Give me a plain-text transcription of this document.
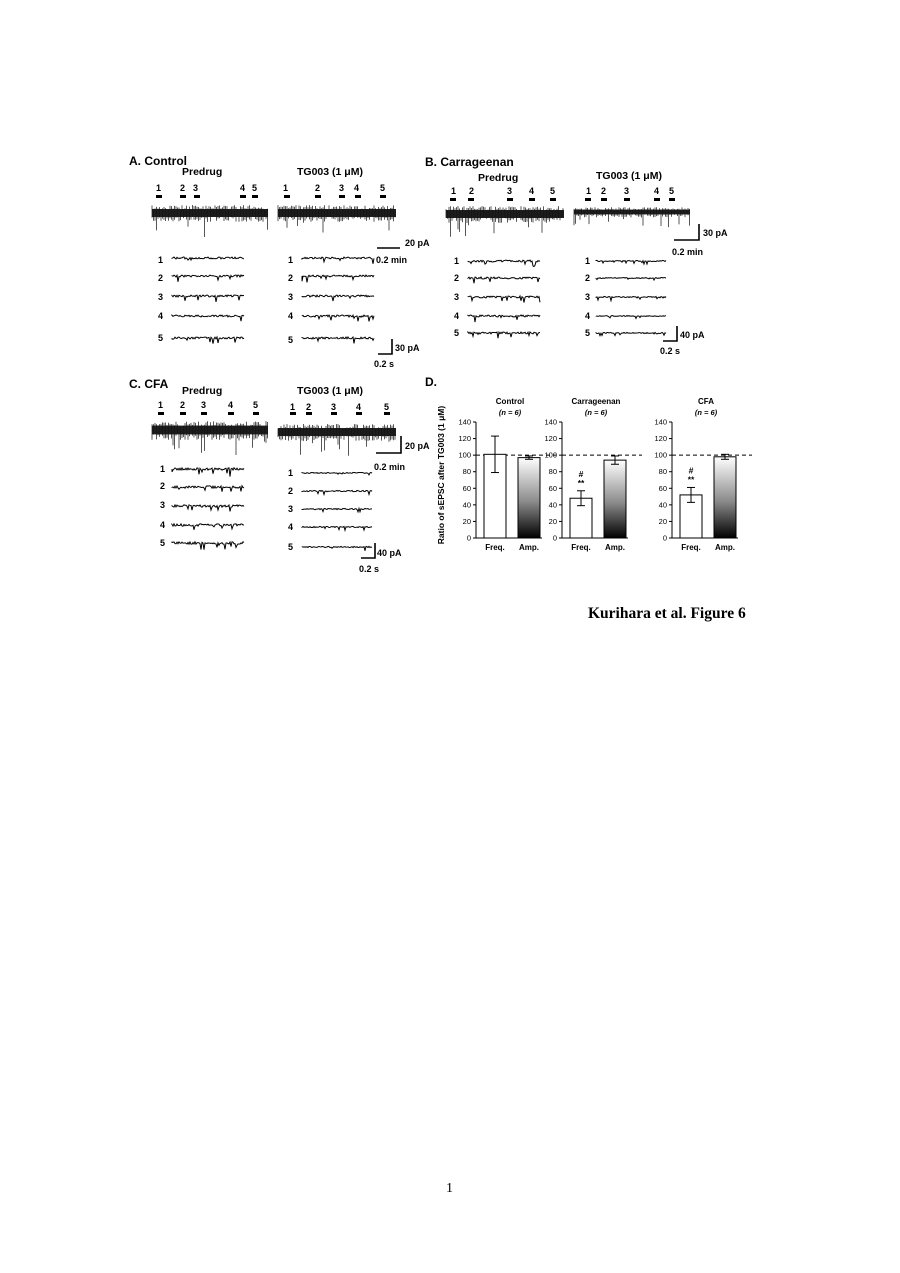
A. Control
Predrug	TG003 (1 μM)
1 2 3	4 5	1	2 3 4 5
20 pA
0.2 min
1
2
3
4
5
1
2
3
4
5
30 pA
0.2 s
B. Carrageenan
Predrug	TG003 (1 μM)
1 2	3 4 5	1 2 3	4 5
30 pA
0.2 min
1
2
3
4
5
1
2
3
4
5	40 pA
0.2 s
C. CFA Predrug	TG003 (1 μM)
1 2 3 4 5	1 2 3 4	5
20 pA
0.2 min
1
2
3
4
5
1
2
3
4
5
40 pA
0.2 s
D.
Ratio of sEPSC after TG003 (1 μM)	0
20
40
60
80
100
120
140
Control
(n = 6)
Freq. Amp.
0
20
40
60
80
100
120
140
Carrageenan
(n = 6)
#
**
Freq. Amp.
0
20
40
60
80
100
120
140
CFA
(n = 6)
#
**
Freq. Amp.
Kurihara et al. Figure 6
1
